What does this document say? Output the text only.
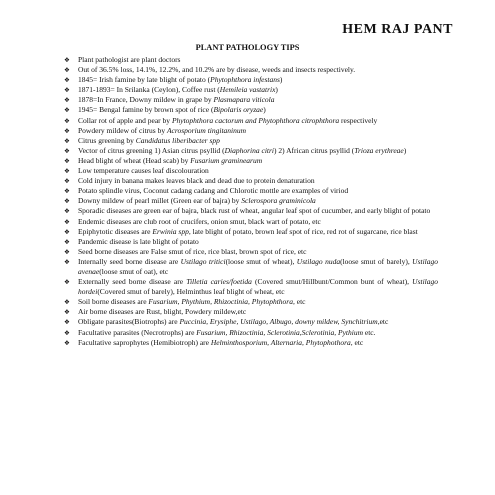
HEM RAJ PANT
PLANT PATHOLOGY TIPS
❖	Plant pathologist are plant doctors
❖	Out of 36.5% loss, 14.1%, 12.2%, and 10.2% are by disease, weeds and insects respectively.
❖	1845= Irish famine by late blight of potato (Phytophthora infestans)
❖	1871-1893= In Srilanka (Ceylon), Coffee rust (Hemileia vastatrix)
❖	1878=In France, Downy mildew in grape by Plasmapara viticola
❖	1945= Bengal famine by brown spot of rice (Bipolaris oryzae)
❖	Collar rot of apple and pear by Phytophthora cactorum and Phytophthora citrophthora respectively
❖	Powdery mildew of citrus by Acrosporium tingitaninum
❖	Citrus greening by Candidatus liberibacter spp
❖	Vector of citrus greening 1) Asian citrus psyllid (Diaphorina citri) 2) African citrus psyllid (Trioza erythreae)
❖	Head blight of wheat (Head scab) by Fusarium graminearum
❖	Low temperature causes leaf discolouration
❖	Cold injury in banana makes leaves black and dead due to protein denaturation
❖	Potato splindle virus, Coconut cadang cadang and Chlorotic mottle are examples of viriod
❖	Downy mildew of pearl millet (Green ear of bajra) by Sclerospora graminicola
❖	Sporadic diseases are green ear of bajra, black rust of wheat, angular leaf spot of cucumber, and early blight of potato
❖	Endemic diseases are club root of crucifers, onion smut, black wart of potato, etc
❖	Epiphytotic diseases are Erwinia spp, late blight of potato, brown leaf spot of rice, red rot of sugarcane, rice blast
❖	Pandemic disease is late blight of potato
❖	Seed borne diseases are False smut of rice, rice blast, brown spot of rice, etc
❖	Internally seed borne disease are Ustilago tritici(loose smut of wheat), Ustilago nuda(loose smut of barely), Ustilago avenae(loose smut of oat), etc
❖	Externally seed borne disease are Tilletia caries/foetida (Covered smut/Hillbunt/Common bunt of wheat), Ustilago hordei(Covered smut of barely), Helminthus leaf blight of wheat, etc
❖	Soil borne diseases are Fusarium, Phythium, Rhizoctinia, Phytophthora, etc
❖	Air borne diseases are Rust, blight, Powdery mildew,etc
❖	Obligate parasites(Biotrophs) are Puccinia, Erysiphe, Ustilago, Albugo, downy mildew, Synchitrium,etc
❖	Facultative parasites (Necrotrophs) are Fusarium, Rhizoctinia, Sclerotinia,Sclerotinia, Pythium etc.
❖	Facultative saprophytes (Hemibiotroph) are Helminthosporium, Alternaria, Phytophothora, etc
